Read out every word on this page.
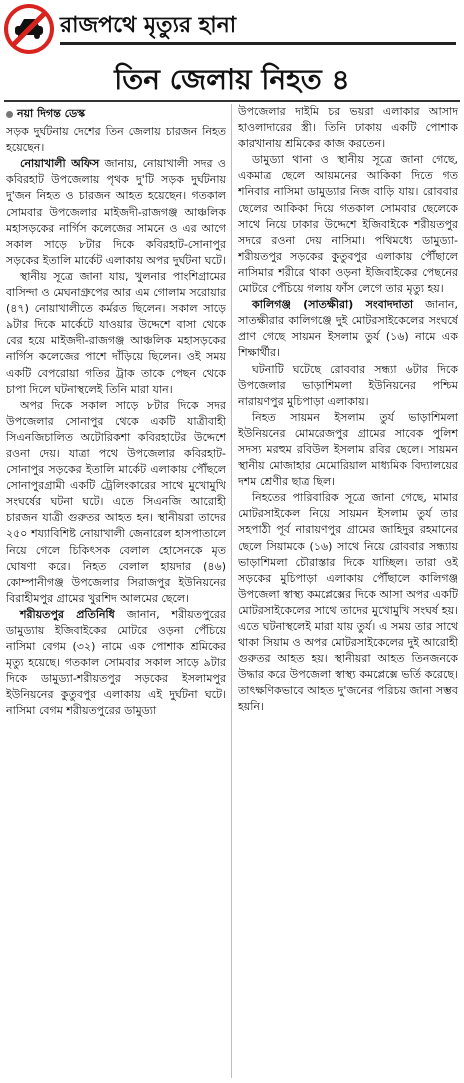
রাজপথে মৃত্যুর হানা
তিন জেলায় নিহত ৪
নয়া দিগন্ত ডেস্ক

সড়ক দুর্ঘটনায় দেশের তিন জেলায় চারজন নিহত হয়েছেন।

নোয়াখালী অফিস জানায়, নোয়াখালী সদর ও কবিরহাট উপজেলায় পৃথক দু'টি সড়ক দুর্ঘটনায় দু'জন নিহত ও চারজন আহত হয়েছেন। গতকাল সোমবার উপজেলার মাইজদী-রাজগঞ্জ আঞ্চলিক মহাসড়কের নার্গিস কলেজের সামনে ও এর আগে সকাল সাড়ে ৮টার দিকে কবিরহাট-সোনাপুর সড়কের ইতালি মার্কেট এলাকায় অপর দুর্ঘটনা ঘটে।

স্থানীয় সূত্রে জানা যায়, খুলনার পাংশিগ্রামের বাসিন্দা ও মেঘনাগ্রুপের আর এম গোলাম সরোয়ার (৪৭) নোয়াখালীতে কর্মরত ছিলেন। সকাল সাড়ে ৯টার দিকে মার্কেটে যাওয়ার উদ্দেশে বাসা থেকে বের হয়ে মাইজদী-রাজগঞ্জ আঞ্চলিক মহাসড়কের নার্গিস কলেজের পাশে দাঁড়িয়ে ছিলেন। ওই সময় একটি বেপরোয়া গতির ট্রাক তাকে পেছন থেকে চাপা দিলে ঘটনাস্থলেই তিনি মারা যান।

অপর দিকে সকাল সাড়ে ৮টার দিকে সদর উপজেলার সোনাপুর থেকে একটি যাত্রীবাহী সিএনজিচালিত অটোরিকশা কবিরহাটের উদ্দেশে রওনা দেয়। যাত্রা পথে উপজেলার কবিরহাট-সোনাপুর সড়কের ইতালি মার্কেট এলাকায় পৌঁছলে সোনাপুরগ্রামী একটি ট্রেলিংকারের সাথে মুখোমুখি সংঘর্ষের ঘটনা ঘটে। এতে সিএনজি আরোহী চারজন যাত্রী গুরুতর আহত হন। স্থানীয়রা তাদের ২৫০ শয্যাবিশিষ্ট নোয়াখালী জেনারেল হাসপাতালে নিয়ে গেলে চিকিৎসক বেলাল হোসেনকে মৃত ঘোষণা করে। নিহত বেলাল হায়দার (৪৬) কোম্পানীগঞ্জ উপজেলার সিরাজপুর ইউনিয়নের বিরাহীমপুর গ্রামের খুরশিদ আলমের ছেলে।

শরীয়তপুর প্রতিনিধি জানান, শরীয়তপুরের ডামুড্যায় ইজিবাইকের মোটরে ওড়না পেঁচিয়ে নাসিমা বেগম (৩২) নামে এক পোশাক শ্রমিকের মৃত্যু হয়েছে। গতকাল সোমবার সকাল সাড়ে ৯টার দিকে ডামুড্যা-শরীয়তপুর সড়কের ইসলামপুর ইউনিয়নের কুতুবপুর এলাকায় এই দুর্ঘটনা ঘটে। নাসিমা বেগম শরীয়তপুরের ডামুড্যা

উপজেলার দাইমি চর ভয়রা এলাকার আসাদ হাওলাদারের স্ত্রী। তিনি ঢাকায় একটি পোশাক কারখানায় শ্রমিকের কাজ করতেন।

ডামুড্যা থানা ও স্থানীয় সূত্রে জানা গেছে, একমাত্র ছেলে আয়মনের আকিকা দিতে গত শনিবার নাসিমা ডামুড্যার নিজ বাড়ি যায়। রোববার ছেলের আকিকা দিয়ে গতকাল সোমবার ছেলেকে সাথে নিয়ে ঢাকার উদ্দেশে ইজিবাইকে শরীয়তপুর সদরে রওনা দেয় নাসিমা। পথিমধ্যে ডামুড্যা-শরীয়তপুর সড়কের কুতুবপুর এলাকায় পৌঁছালে নাসিমার শরীরে থাকা ওড়না ইজিবাইকের পেছনের মোটরে পেঁচিয়ে গলায় ফাঁস লেগে তার মৃত্যু হয়।

কালিগঞ্জ (সাতক্ষীরা) সংবাদদাতা জানান, সাতক্ষীরার কালিগঞ্জে দুই মোটরসাইকেলের সংঘর্ষে প্রাণ গেছে সায়মন ইসলাম তুর্য (১৬) নামে এক শিক্ষার্থীর।

ঘটনাটি ঘটেছে রোববার সন্ধ্যা ৬টার দিকে উপজেলার ভাড়াশিমলা ইউনিয়নের পশ্চিম নারায়ণপুর মুচিপাড়া এলাকায়।

নিহত সায়মন ইসলাম তুর্য ভাড়াশিমলা ইউনিয়নের মোমরেজপুর গ্রামের সাবেক পুলিশ সদস্য মরহুম রবিউল ইসলাম রবির ছেলে। সায়মন স্থানীয় মোজাহার মেমোরিয়াল মাধ্যমিক বিদ্যালয়ের দশম শ্রেণীর ছাত্র ছিল।

নিহতের পারিবারিক সূত্রে জানা গেছে, মামার মোটরসাইকেল নিয়ে সায়মন ইসলাম তুর্য তার সহপাঠী পূর্ব নারায়ণপুর গ্রামের জাহিদুর রহমানের ছেলে সিয়ামকে (১৬) সাথে নিয়ে রোববার সন্ধ্যায় ভাড়াশিমলা চৌরাস্তার দিকে যাচ্ছিল। তারা ওই সড়কের মুচিপাড়া এলাকায় পৌঁছালে কালিগঞ্জ উপজেলা স্বাস্থ্য কমপ্লেক্সের দিকে আসা অপর একটি মোটরসাইকেলের সাথে তাদের মুখোমুখি সংঘর্ষ হয়। এতে ঘটনাস্থলেই মারা যায় তুর্য। এ সময় তার সাথে থাকা সিয়াম ও অপর মোটরসাইকেলের দুই আরোহী গুরুতর আহত হয়। স্থানীয়রা আহত তিনজনকে উদ্ধার করে উপজেলা স্বাস্থ্য কমপ্লেক্সে ভর্তি করেছে। তাৎক্ষণিকভাবে আহত দু'জনের পরিচয় জানা সম্ভব হয়নি।
